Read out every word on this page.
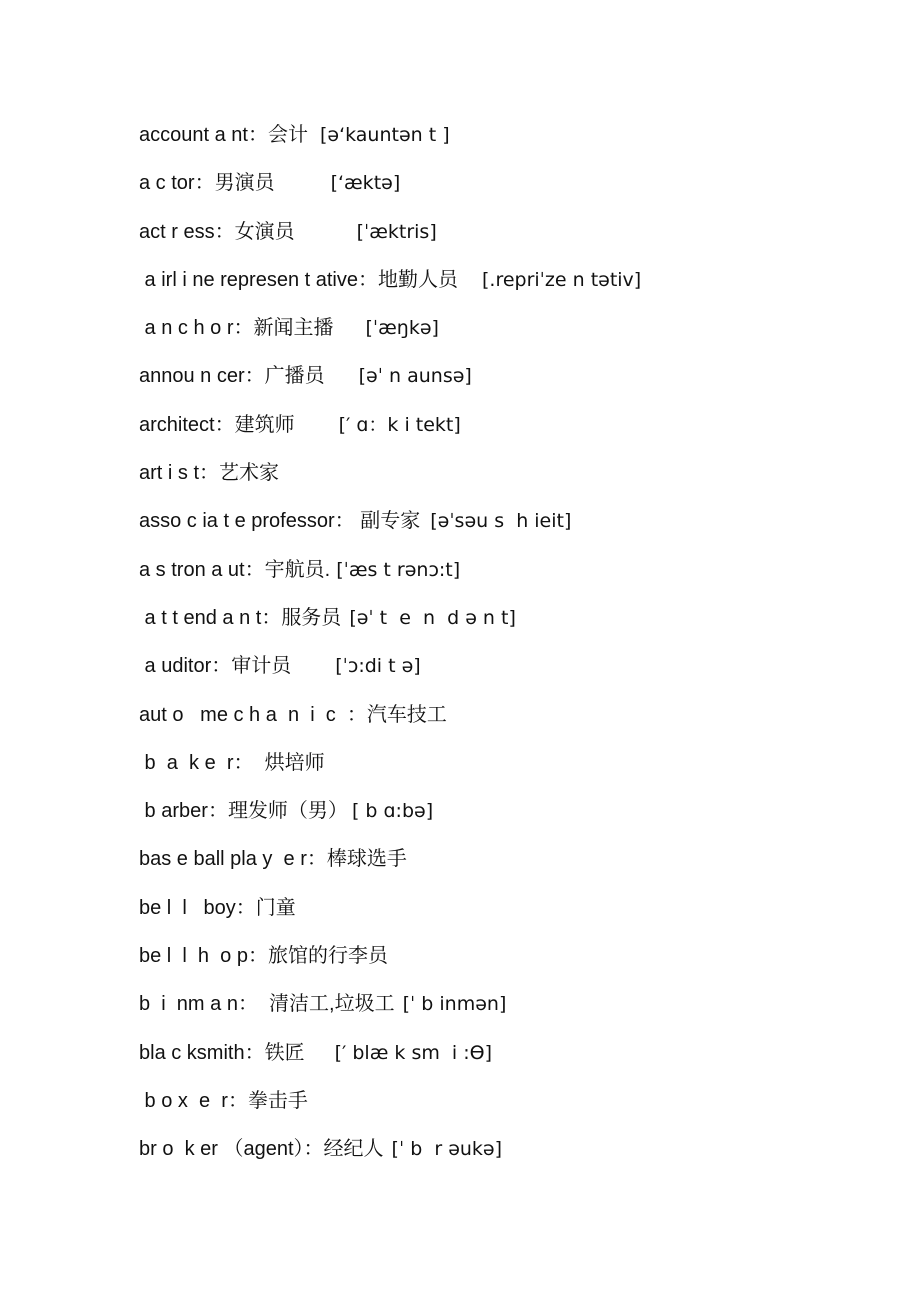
account a nt：会计 [ə‘kauntən t ]
a c tor：男演员	[‘æktə]
act r ess：女演员	[ˈæktris]
a irl i ne represen t ative：地勤人员 [.repriˈze n tətiv]
a n c h o r：新闻主播 [ˈæŋkə]
annou n cer：广播员 [əˈ n aunsə]
architect：建筑师 [′ ɑ：k i tekt]
art i s t：艺术家
asso c ia t e professor： 副专家 [əˈsəu s  h ieit]
a s tron a ut：宇航员. [ˈæs t rənɔ:t]
a t t end a n t：服务员 [əˈ t  e  n  d ə n t]
a uditor：审计员 [ˈɔ:di t ə]
aut o   me c h a  n  i  c  ：汽车技工
b  a  k e  r：  烘培师
b arber：理发师（男） [ b ɑ:bə]
bas e ball pla y  e r：棒球选手
be l  l   boy：门童
be l  l  h  o p：旅馆的行李员
b  i  nm a n：  清洁工,垃圾工 [ˈ b inmən]
bla c ksmith：铁匠 [′ blæ k sm  i :Ɵ]
b o x  e  r：拳击手
br o  k er （agent）：经纪人 [ˈ b  r əukə]
